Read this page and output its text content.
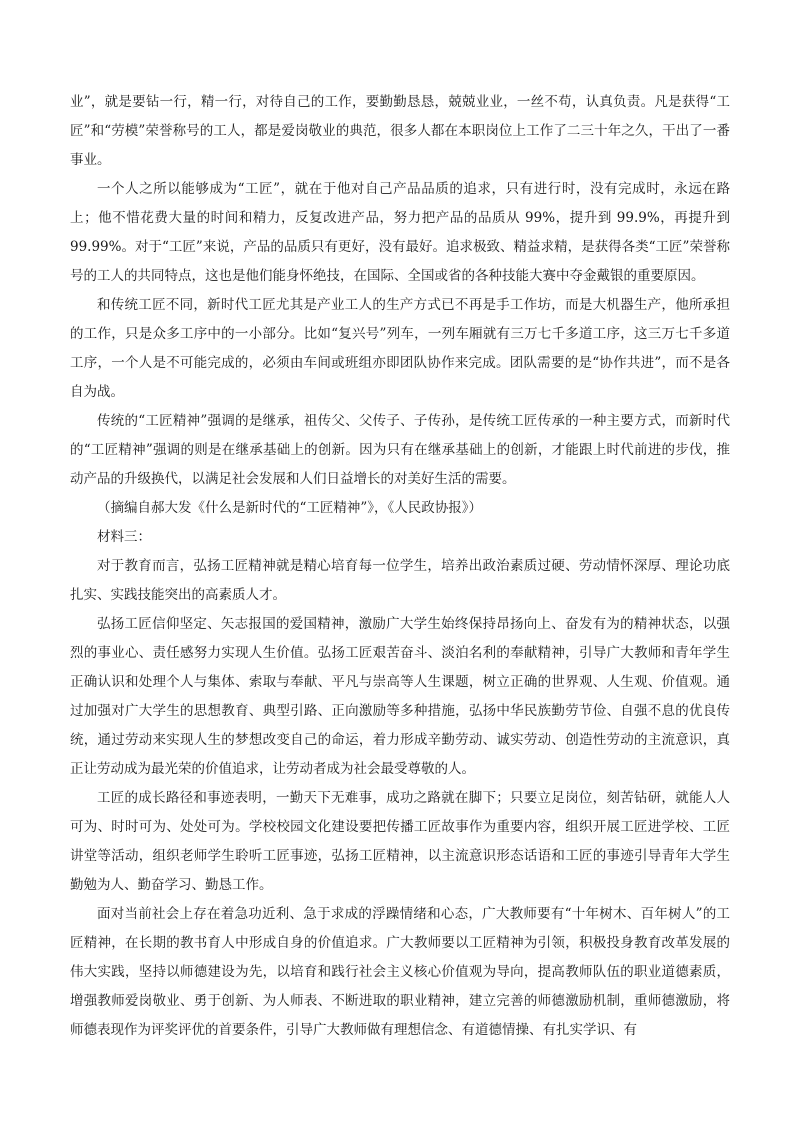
业”，就是要钻一行，精一行，对待自己的工作，要勤勤恳恳，兢兢业业，一丝不苟，认真负责。凡是获得“工匠”和“劳模”荣誉称号的工人，都是爱岗敬业的典范，很多人都在本职岗位上工作了二三十年之久，干出了一番事业。

一个人之所以能够成为“工匠”，就在于他对自己产品品质的追求，只有进行时，没有完成时，永远在路上；他不惜花费大量的时间和精力，反复改进产品，努力把产品的品质从 99%，提升到 99.9%，再提升到 99.99%。对于“工匠”来说，产品的品质只有更好，没有最好。追求极致、精益求精，是获得各类“工匠”荣誉称号的工人的共同特点，这也是他们能身怀绝技，在国际、全国或省的各种技能大赛中夺金戴银的重要原因。

和传统工匠不同，新时代工匠尤其是产业工人的生产方式已不再是手工作坊，而是大机器生产，他所承担的工作，只是众多工序中的一小部分。比如“复兴号”列车，一列车厢就有三万七千多道工序，这三万七千多道工序，一个人是不可能完成的，必须由车间或班组亦即团队协作来完成。团队需要的是“协作共进”，而不是各自为战。

传统的“工匠精神”强调的是继承，祖传父、父传子、子传孙，是传统工匠传承的一种主要方式，而新时代的“工匠精神”强调的则是在继承基础上的创新。因为只有在继承基础上的创新，才能跟上时代前进的步伐，推动产品的升级换代，以满足社会发展和人们日益增长的对美好生活的需要。

（摘编自郝大发《什么是新时代的“工匠精神”》，《人民政协报》）

材料三：

对于教育而言，弘扬工匠精神就是精心培育每一位学生，培养出政治素质过硬、劳动情怀深厚、理论功底扎实、实践技能突出的高素质人才。

弘扬工匠信仰坚定、矢志报国的爱国精神，激励广大学生始终保持昂扬向上、奋发有为的精神状态，以强烈的事业心、责任感努力实现人生价值。弘扬工匠艰苦奋斗、淡泊名利的奉献精神，引导广大教师和青年学生正确认识和处理个人与集体、索取与奉献、平凡与崇高等人生课题，树立正确的世界观、人生观、价值观。通过加强对广大学生的思想教育、典型引路、正向激励等多种措施，弘扬中华民族勤劳节俭、自强不息的优良传统，通过劳动来实现人生的梦想改变自己的命运，着力形成辛勤劳动、诚实劳动、创造性劳动的主流意识，真正让劳动成为最光荣的价值追求，让劳动者成为社会最受尊敬的人。

工匠的成长路径和事迹表明，一勤天下无难事，成功之路就在脚下；只要立足岗位，刻苦钻研，就能人人可为、时时可为、处处可为。学校校园文化建设要把传播工匠故事作为重要内容，组织开展工匠进学校、工匠讲堂等活动，组织老师学生聆听工匠事迹，弘扬工匠精神，以主流意识形态话语和工匠的事迹引导青年大学生勤勉为人、勤奋学习、勤恳工作。

面对当前社会上存在着急功近利、急于求成的浮躁情绪和心态，广大教师要有“十年树木、百年树人”的工匠精神，在长期的教书育人中形成自身的价值追求。广大教师要以工匠精神为引领，积极投身教育改革发展的伟大实践，坚持以师德建设为先，以培育和践行社会主义核心价值观为导向，提高教师队伍的职业道德素质，增强教师爱岗敬业、勇于创新、为人师表、不断进取的职业精神，建立完善的师德激励机制，重师德激励，将师德表现作为评奖评优的首要条件，引导广大教师做有理想信念、有道德情操、有扎实学识、有
